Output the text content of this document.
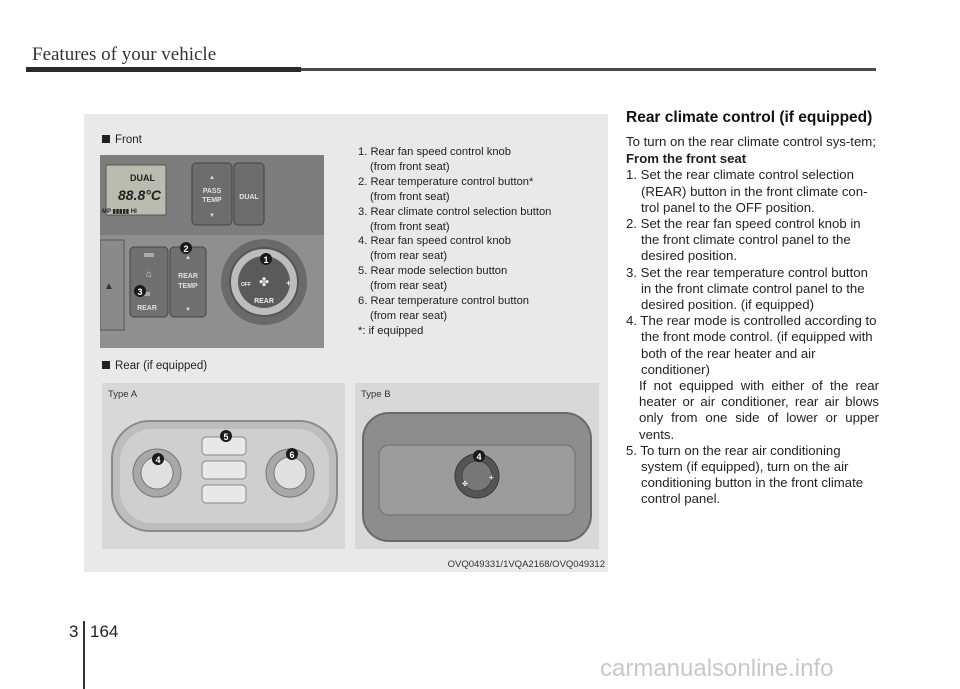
Features of your vehicle
Front
DUAL
88.8°C
MP ▮▮▮▮▮ HI
▲
PASS
TEMP
▼
DUAL
▲
⌂
REAR
▲
REAR
TEMP
▼
✤
OFF	+
REAR
1
2
3
1. Rear fan speed control knob
(from front seat)
2. Rear temperature control button*
(from front seat)
3. Rear climate control selection button
(from front seat)
4. Rear fan speed control knob
(from rear seat)
5. Rear mode selection button
(from rear seat)
6. Rear temperature control button
(from rear seat)
*: if equipped
Rear (if equipped)
4
5
6
Type A
✤
+
4
Type B
OVQ049331/1VQA2168/OVQ049312
Rear climate control (if equipped)

To turn on the rear climate control sys-tem;

From the front seat

1. Set the rear climate control selection (REAR) button in the front climate con-trol panel to the OFF position.

2. Set the rear fan speed control knob in the front climate control panel to the desired position.

3. Set the rear temperature control button in the front climate control panel to the desired position. (if equipped)

4. The rear mode is controlled according to the front mode control. (if equipped with both of the rear heater and air conditioner)

If not equipped with either of the rear heater or air conditioner, rear air blows only from one side of lower or upper vents.

5. To turn on the rear air conditioning system (if equipped), turn on the air conditioning button in the front climate control panel.

3 164
carmanualsonline.info
